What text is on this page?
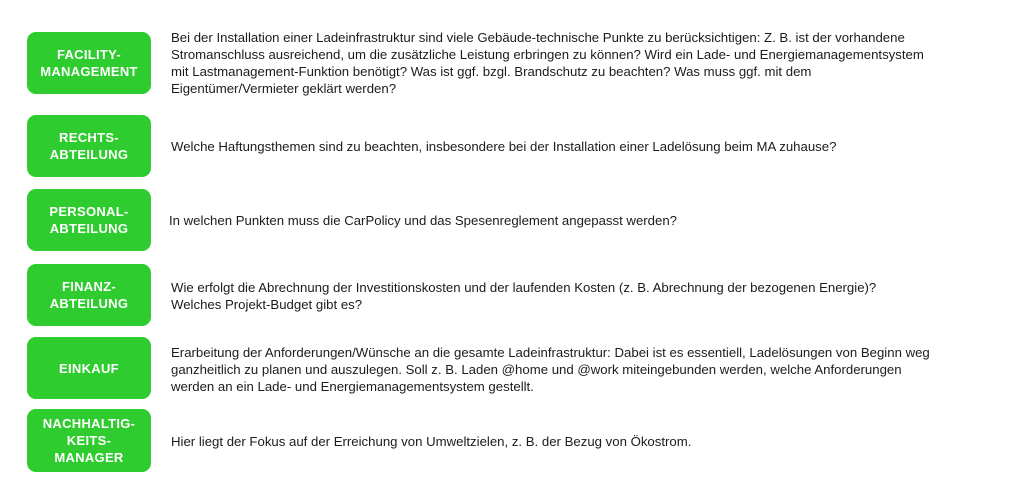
FACILITY-
MANAGEMENT
Bei der Installation einer Ladeinfrastruktur sind viele Gebäude-technische Punkte zu berücksichtigen: Z. B. ist der vorhandene
Stromanschluss ausreichend, um die zusätzliche Leistung erbringen zu können? Wird ein Lade- und Energiemanagementsystem
mit Lastmanagement-Funktion benötigt? Was ist ggf. bzgl. Brandschutz zu beachten? Was muss ggf. mit dem
Eigentümer/Vermieter geklärt werden?
RECHTS-
ABTEILUNG
Welche Haftungsthemen sind zu beachten, insbesondere bei der Installation einer Ladelösung beim MA zuhause?
PERSONAL-
ABTEILUNG
In welchen Punkten muss die CarPolicy und das Spesenreglement angepasst werden?
FINANZ-
ABTEILUNG
Wie erfolgt die Abrechnung der Investitionskosten und der laufenden Kosten (z. B. Abrechnung der bezogenen Energie)?
Welches Projekt-Budget gibt es?
EINKAUF
Erarbeitung der Anforderungen/Wünsche an die gesamte Ladeinfrastruktur: Dabei ist es essentiell, Ladelösungen von Beginn weg
ganzheitlich zu planen und auszulegen. Soll z. B. Laden @home und @work miteingebunden werden, welche Anforderungen
werden an ein Lade- und Energiemanagementsystem gestellt.
NACHHALTIG-
KEITS-
MANAGER
Hier liegt der Fokus auf der Erreichung von Umweltzielen, z. B. der Bezug von Ökostrom.
